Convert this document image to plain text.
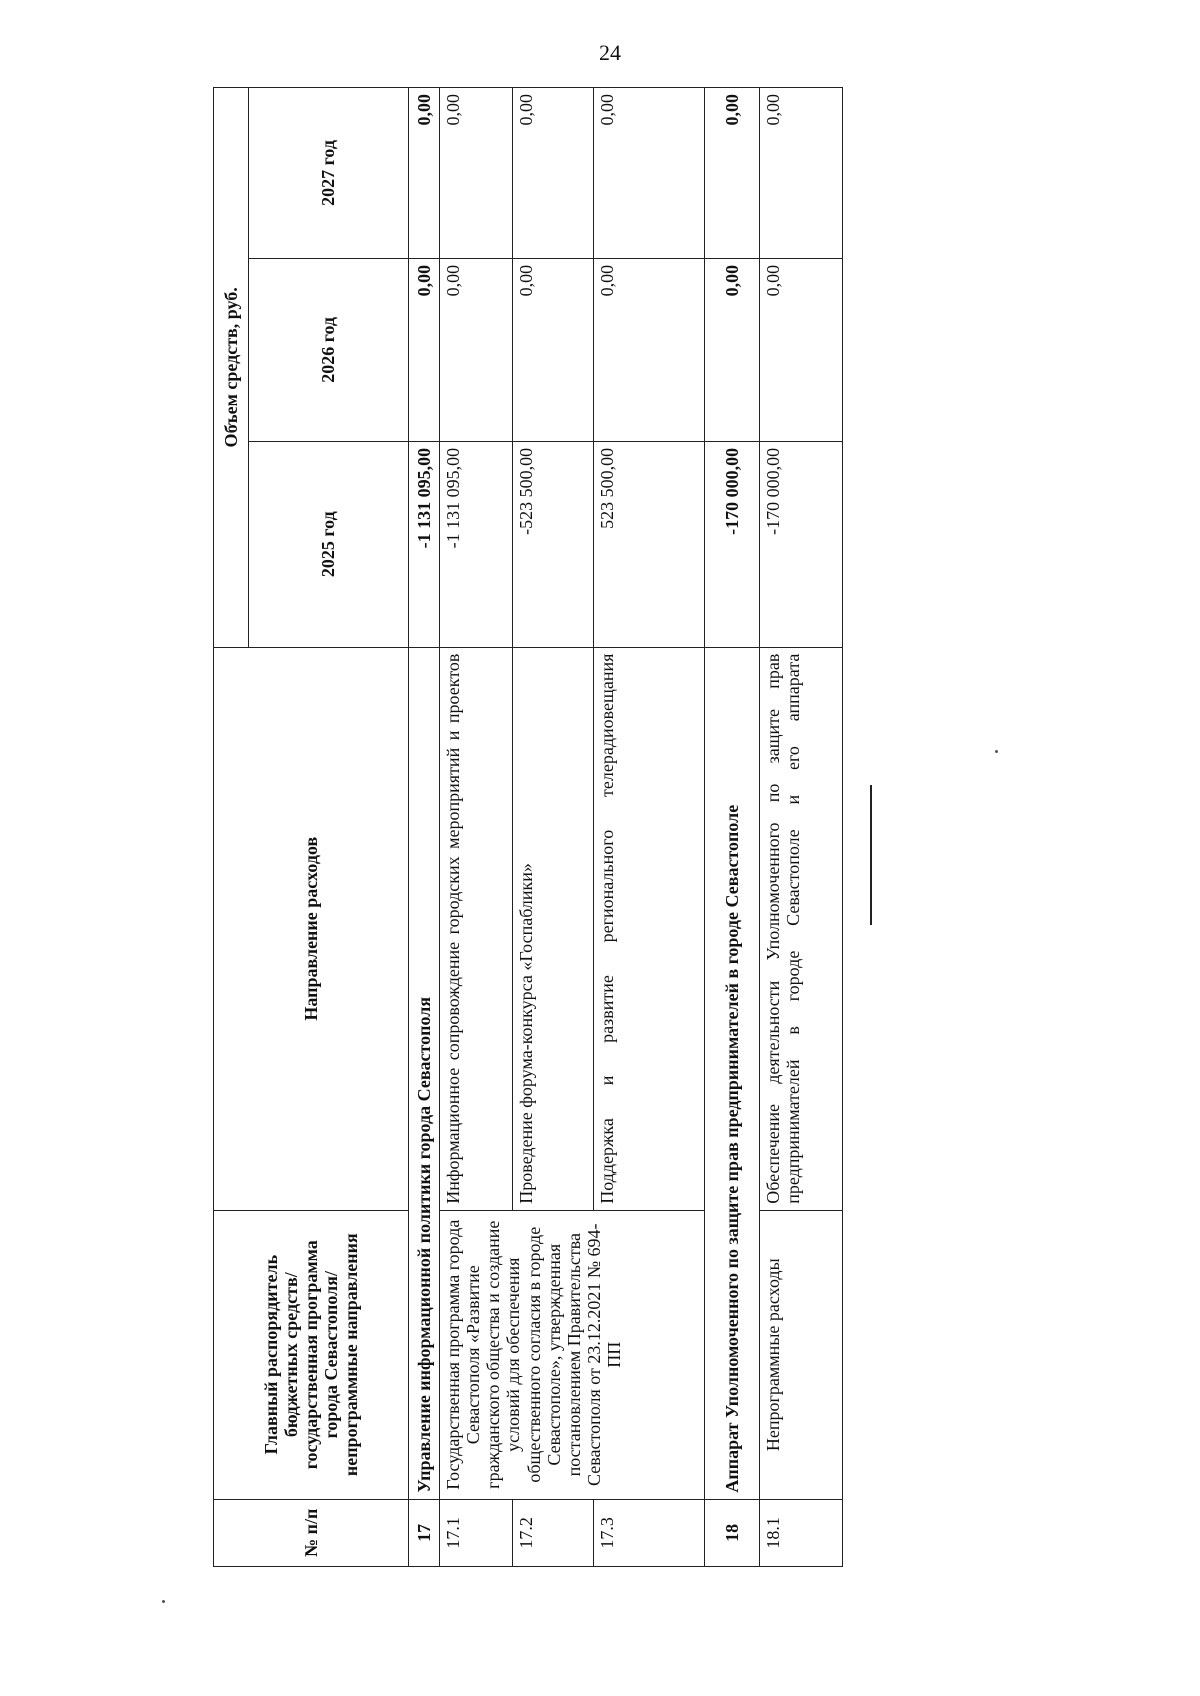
24
№ п/п	Главный распорядитель бюджетных средств/государственная программа города Севастополя/непрограммные направления	Направление расходов	Объем средств, руб.		
			2025 год	2026 год	2027 год
17	Управление информационной политики города Севастополя		-1 131 095,00	0,00	0,00
17.1	Государственная программа города Севастополя «Развитие гражданского общества и создание условий для обеспечения общественного согласия в городе Севастополе», утвержденная постановлением Правительства Севастополя от 23.12.2021 № 694-ПП	Информационное сопровождение городских мероприятий и проектов	-1 131 095,00	0,00	0,00
17.2		Проведение форума-конкурса «Госпаблики»	-523 500,00	0,00	0,00
17.3		Поддержка и развитие регионального телерадиовещания	523 500,00	0,00	0,00
18	Аппарат Уполномоченного по защите прав предпринимателей в городе Севастополе		-170 000,00	0,00	0,00
18.1	Непрограммные расходы	Обеспечение деятельности Уполномоченного по защите прав предпринимателей в городе Севастополе и его аппарата	-170 000,00	0,00	0,00
